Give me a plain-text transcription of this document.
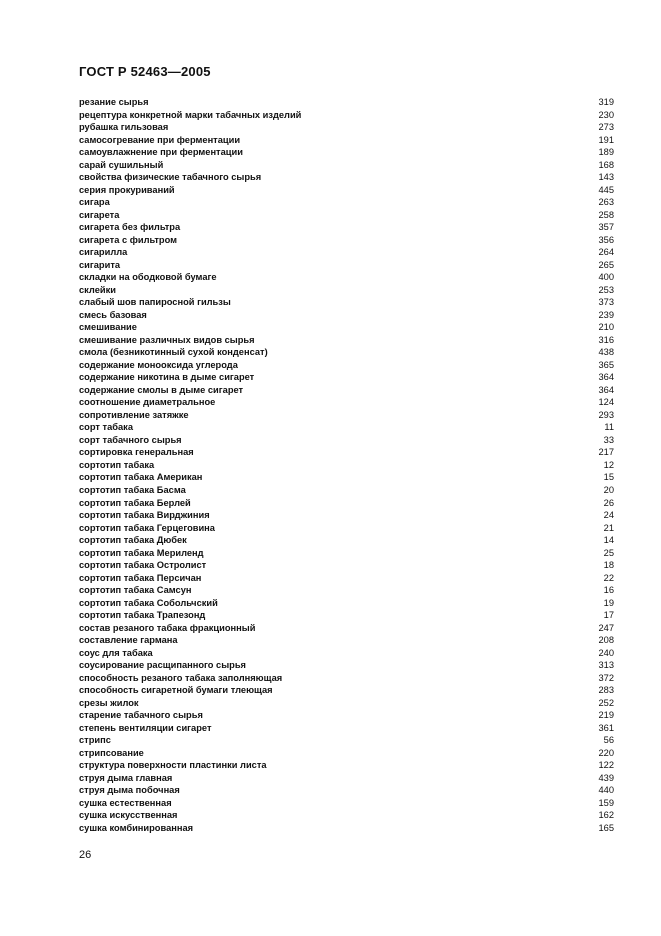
ГОСТ Р 52463—2005
резание сырья	319
рецептура конкретной марки табачных изделий	230
рубашка гильзовая	273
самосогревание при ферментации	191
самоувлажнение при ферментации	189
сарай сушильный	168
свойства физические табачного сырья	143
серия прокуриваний	445
сигара	263
сигарета	258
сигарета без фильтра	357
сигарета с фильтром	356
сигарилла	264
сигарита	265
складки на ободковой бумаге	400
склейки	253
слабый шов папиросной гильзы	373
смесь базовая	239
смешивание	210
смешивание различных видов сырья	316
смола (безникотинный сухой конденсат)	438
содержание монооксида углерода	365
содержание никотина в дыме сигарет	364
содержание смолы в дыме сигарет	364
соотношение диаметральное	124
сопротивление затяжке	293
сорт табака	11
сорт табачного сырья	33
сортировка генеральная	217
сортотип табака	12
сортотип табака Американ	15
сортотип табака Басма	20
сортотип табака Берлей	26
сортотип табака Вирджиния	24
сортотип табака Герцеговина	21
сортотип табака Дюбек	14
сортотип табака Мериленд	25
сортотип табака Остролист	18
сортотип табака Персичан	22
сортотип табака Самсун	16
сортотип табака Собольчский	19
сортотип табака Трапезонд	17
состав резаного табака фракционный	247
составление гармана	208
соус для табака	240
соусирование расщипанного сырья	313
способность резаного табака заполняющая	372
способность сигаретной бумаги тлеющая	283
срезы жилок	252
старение табачного сырья	219
степень вентиляции сигарет	361
стрипс	56
стрипсование	220
структура поверхности пластинки листа	122
струя дыма главная	439
струя дыма побочная	440
сушка естественная	159
сушка искусственная	162
сушка комбинированная	165
26
